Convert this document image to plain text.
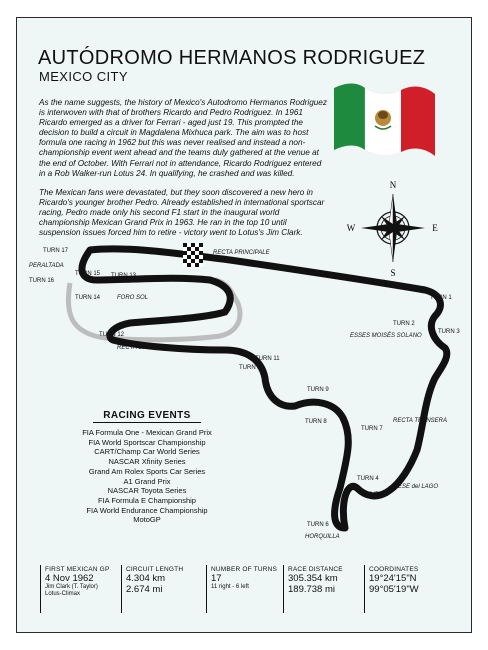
AUTÓDROMO HERMANOS RODRIGUEZ
MEXICO CITY
As the name suggests, the history of Mexico's Autodromo Hermanos Rodriguez is interwoven with that of brothers Ricardo and Pedro Rodriguez. In 1961 Ricardo emerged as a driver for Ferrari - aged just 19. This prompted the decision to build a circuit in Magdalena Mixhuca park. The aim was to host formula one racing in 1962 but this was never realised and instead a non-championship event went ahead and the teams duly gathered at the venue at the end of October. With Ferrari not in attendance, Ricardo Rodriguez entered in a Rob Walker-run Lotus 24. In qualifying, he crashed and was killed.
The Mexican fans were devastated, but they soon discovered a new hero in Ricardo's younger brother Pedro. Already established in international sportscar racing, Pedro made only his second F1 start in the inaugural world championship Mexican Grand Prix in 1963. He ran in the top 10 until suspension issues forced him to retire - victory went to Lotus's Jim Clark.
N
S
E
W
TURN 17
PERALTADA
TURN 16
TURN 15 TURN 13
TURN 14	FORO SOL
RECTA PRINCIPALE
TURN 1
TURN 2
TURN 3
ESSES MOISÉS SOLANO
TURN 12
RECTA del OVALO
TURN 11
TURN 10
TURN 9
TURN 8
TURN 7
RECTA TRANSERA
TURN 4
ESE del LAGO
TURN 5
TURN 6
HORQUILLA
RACING EVENTS
FIA Formula One - Mexican Grand Prix
FIA World Sportscar Championship
CART/Champ Car World Series
NASCAR Xfinity Series
Grand Am Rolex Sports Car Series
A1 Grand Prix
NASCAR Toyota Series
FIA Formula E Championship
FIA World Endurance Championship
MotoGP
FIRST MEXICAN GP
4 Nov 1962
Jim Clark (T. Taylor)
Lotus-Climax
CIRCUIT LENGTH
4.304 km
2.674 mi
NUMBER OF TURNS
17
11 right - 6 left
RACE DISTANCE
305.354 km
189.738 mi
COORDINATES
19°24'15"N
99°05'19"W
